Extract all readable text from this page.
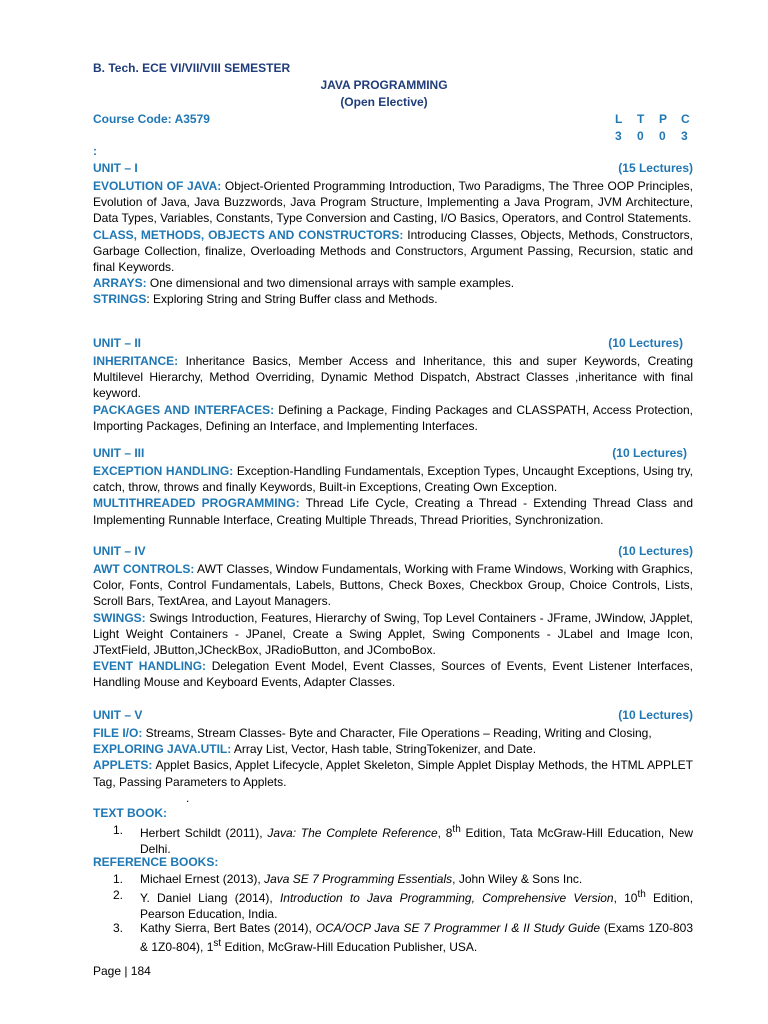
B. Tech. ECE VI/VII/VIII SEMESTER
JAVA PROGRAMMING
(Open Elective)
Course Code: A3579	L T P C
3 0 0 3
:
UNIT – I	(15 Lectures)
EVOLUTION OF JAVA: Object-Oriented Programming Introduction, Two Paradigms, The Three OOP Principles, Evolution of Java, Java Buzzwords, Java Program Structure, Implementing a Java Program, JVM Architecture, Data Types, Variables, Constants, Type Conversion and Casting, I/O Basics, Operators, and Control Statements.
CLASS, METHODS, OBJECTS AND CONSTRUCTORS: Introducing Classes, Objects, Methods, Constructors, Garbage Collection, finalize, Overloading Methods and Constructors, Argument Passing, Recursion, static and final Keywords.
ARRAYS: One dimensional and two dimensional arrays with sample examples.
STRINGS: Exploring String and String Buffer class and Methods.
UNIT – II	(10 Lectures)
INHERITANCE: Inheritance Basics, Member Access and Inheritance, this and super Keywords, Creating Multilevel Hierarchy, Method Overriding, Dynamic Method Dispatch, Abstract Classes ,inheritance with final keyword.
PACKAGES AND INTERFACES: Defining a Package, Finding Packages and CLASSPATH, Access Protection, Importing Packages, Defining an Interface, and Implementing Interfaces.
UNIT – III	(10 Lectures)
EXCEPTION HANDLING: Exception-Handling Fundamentals, Exception Types, Uncaught Exceptions, Using try, catch, throw, throws and finally Keywords, Built-in Exceptions, Creating Own Exception.
MULTITHREADED PROGRAMMING: Thread Life Cycle, Creating a Thread - Extending Thread Class and Implementing Runnable Interface, Creating Multiple Threads, Thread Priorities, Synchronization.
UNIT – IV	(10 Lectures)
AWT CONTROLS: AWT Classes, Window Fundamentals, Working with Frame Windows, Working with Graphics, Color, Fonts, Control Fundamentals, Labels, Buttons, Check Boxes, Checkbox Group, Choice Controls, Lists, Scroll Bars, TextArea, and Layout Managers.
SWINGS: Swings Introduction, Features, Hierarchy of Swing, Top Level Containers - JFrame, JWindow, JApplet, Light Weight Containers - JPanel, Create a Swing Applet, Swing Components - JLabel and Image Icon, JTextField, JButton,JCheckBox, JRadioButton, and JComboBox.
EVENT HANDLING: Delegation Event Model, Event Classes, Sources of Events, Event Listener Interfaces, Handling Mouse and Keyboard Events, Adapter Classes.
UNIT – V	(10 Lectures)
FILE I/O: Streams, Stream Classes- Byte and Character, File Operations – Reading, Writing and Closing,
EXPLORING JAVA.UTIL: Array List, Vector, Hash table, StringTokenizer, and Date.
APPLETS: Applet Basics, Applet Lifecycle, Applet Skeleton, Simple Applet Display Methods, the HTML APPLET Tag, Passing Parameters to Applets.
.
TEXT BOOK:
1. Herbert Schildt (2011), Java: The Complete Reference, 8th Edition, Tata McGraw-Hill Education, New Delhi.
REFERENCE BOOKS:
1. Michael Ernest (2013), Java SE 7 Programming Essentials, John Wiley & Sons Inc.
2. Y. Daniel Liang (2014), Introduction to Java Programming, Comprehensive Version, 10th Edition, Pearson Education, India.
3. Kathy Sierra, Bert Bates (2014), OCA/OCP Java SE 7 Programmer I & II Study Guide (Exams 1Z0-803 & 1Z0-804), 1st Edition, McGraw-Hill Education Publisher, USA.
Page | 184
